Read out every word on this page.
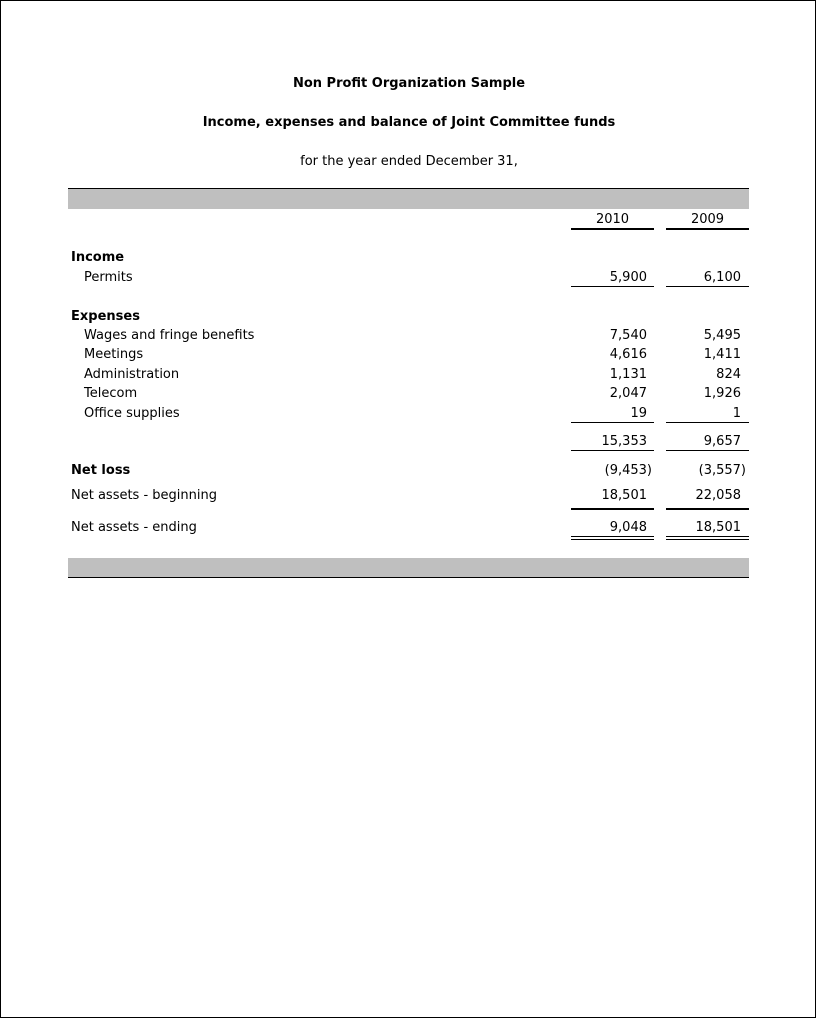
Non Profit Organization Sample
Income, expenses and balance of Joint Committee funds
for the year ended December 31,
2010	2009
Income
Permits	5,900	6,100
Expenses
Wages and fringe benefits	7,540	5,495
Meetings	4,616	1,411
Administration	1,131	824
Telecom	2,047	1,926
Office supplies	19	1
15,353	9,657
Net loss	(9,453)	(3,557)
Net assets - beginning	18,501	22,058
Net assets - ending	9,048	18,501
